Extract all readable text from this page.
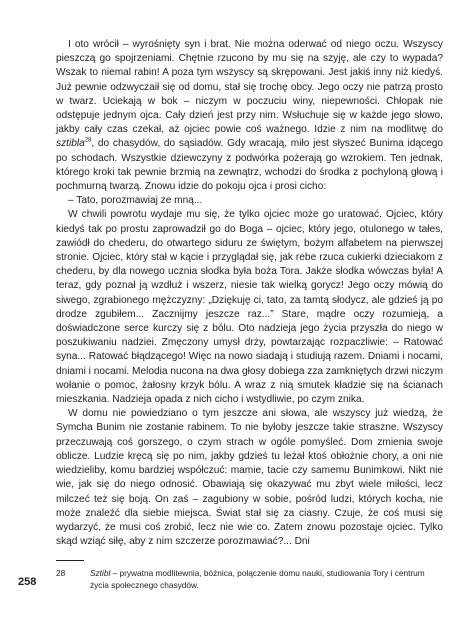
I oto wrócił – wyrośnięty syn i brat. Nie można oderwać od niego oczu. Wszyscy pieszczą go spojrzeniami. Chętnie rzucono by mu się na szyję, ale czy to wypada? Wszak to niemal rabin! A poza tym wszyscy są skrępowani. Jest jakiś inny niż kiedyś. Już pewnie odzwyczaił się od domu, stał się trochę obcy. Jego oczy nie patrzą prosto w twarz. Uciekają w bok – niczym w poczuciu winy, niepewności. Chłopak nie odstępuje jednym ojca. Cały dzień jest przy nim. Wsłuchuje się w każde jego słowo, jakby cały czas czekał, aż ojciec powie coś ważnego. Idzie z nim na modlitwę do sztibla$^{28}$, do chasydów, do sąsiadów. Gdy wracają, miło jest słyszeć Bunima idącego po schodach. Wszystkie dziewczyny z podwórka pożerają go wzrokiem. Ten jednak, którego kroki tak pewnie brzmią na zewnątrz, wchodzi do środka z pochyloną głową i pochmurną twarzą. Znowu idzie do pokoju ojca i prosi cicho:

– Tato, porozmawiaj ze mną...

W chwili powrotu wydaje mu się, że tylko ojciec może go uratować. Ojciec, który kiedyś tak po prostu zaprowadził go do Boga – ojciec, który jego, otulonego w tałes, zawiódł do chederu, do otwartego siduru ze świętym, bożym alfabetem na pierwszej stronie. Ojciec, który stał w kącie i przyglądał się, jak rebe rzuca cukierki dzieciakom z chederu, by dla nowego ucznia słodka była boża Tora. Jakże słodka wówczas była! A teraz, gdy poznał ją wzdłuż i wszerz, niesie tak wielką gorycz! Jego oczy mówią do siwego, zgrabionego mężczyzny: „Dziękuję ci, tato, za tamtą słodycz, ale gdzieś ją po drodze zgubiłem... Zacznijmy jeszcze raz...” Stare, mądre oczy rozumieją, a doświadczone serce kurczy się z bólu. Oto nadzieja jego życia przyszła do niego w poszukiwaniu nadziei. Zmęczony umysł drży, powtarzając rozpaczliwie: – Ratować syna... Ratować błądzącego! Więc na nowo siadają i studiują razem. Dniami i nocami, dniami i nocami. Melodia nucona na dwa głosy dobiega zza zamkniętych drzwi niczym wołanie o pomoc, żałosny krzyk bólu. A wraz z nią smutek kładzie się na ścianach mieszkania. Nadzieja opada z nich cicho i wstydliwie, po czym znika.

W domu nie powiedziano o tym jeszcze ani słowa, ale wszyscy już wiedzą, że Symcha Bunim nie zostanie rabinem. To nie byłoby jeszcze takie straszne. Wszyscy przeczuwają coś gorszego, o czym strach w ogóle pomyśleć. Dom zmienia swoje oblicze. Ludzie kręcą się po nim, jakby gdzieś tu leżał ktoś obłożnie chory, a oni nie wiedzieliby, komu bardziej współczuć: mamie, tacie czy samemu Bunimkowi. Nikt nie wie, jak się do niego odnosić. Obawiają się okazywać mu zbyt wiele miłości, lecz milczeć też się boją. On zaś – zagubiony w sobie, pośród ludzi, których kocha, nie może znaleźć dla siebie miejsca. Świat stał się za ciasny. Czuje, że coś musi się wydarzyć, że musi coś zrobić, lecz nie wie co. Zatem znowu pozostaje ojciec. Tylko skąd wziąć siłę, aby z nim szczerze porozmawiać?... Dni

28	Sztibl – prywatna modlitewnia, bóżnica, połączenie domu nauki, studiowania Tory i centrum życia społecznego chasydów.
258
